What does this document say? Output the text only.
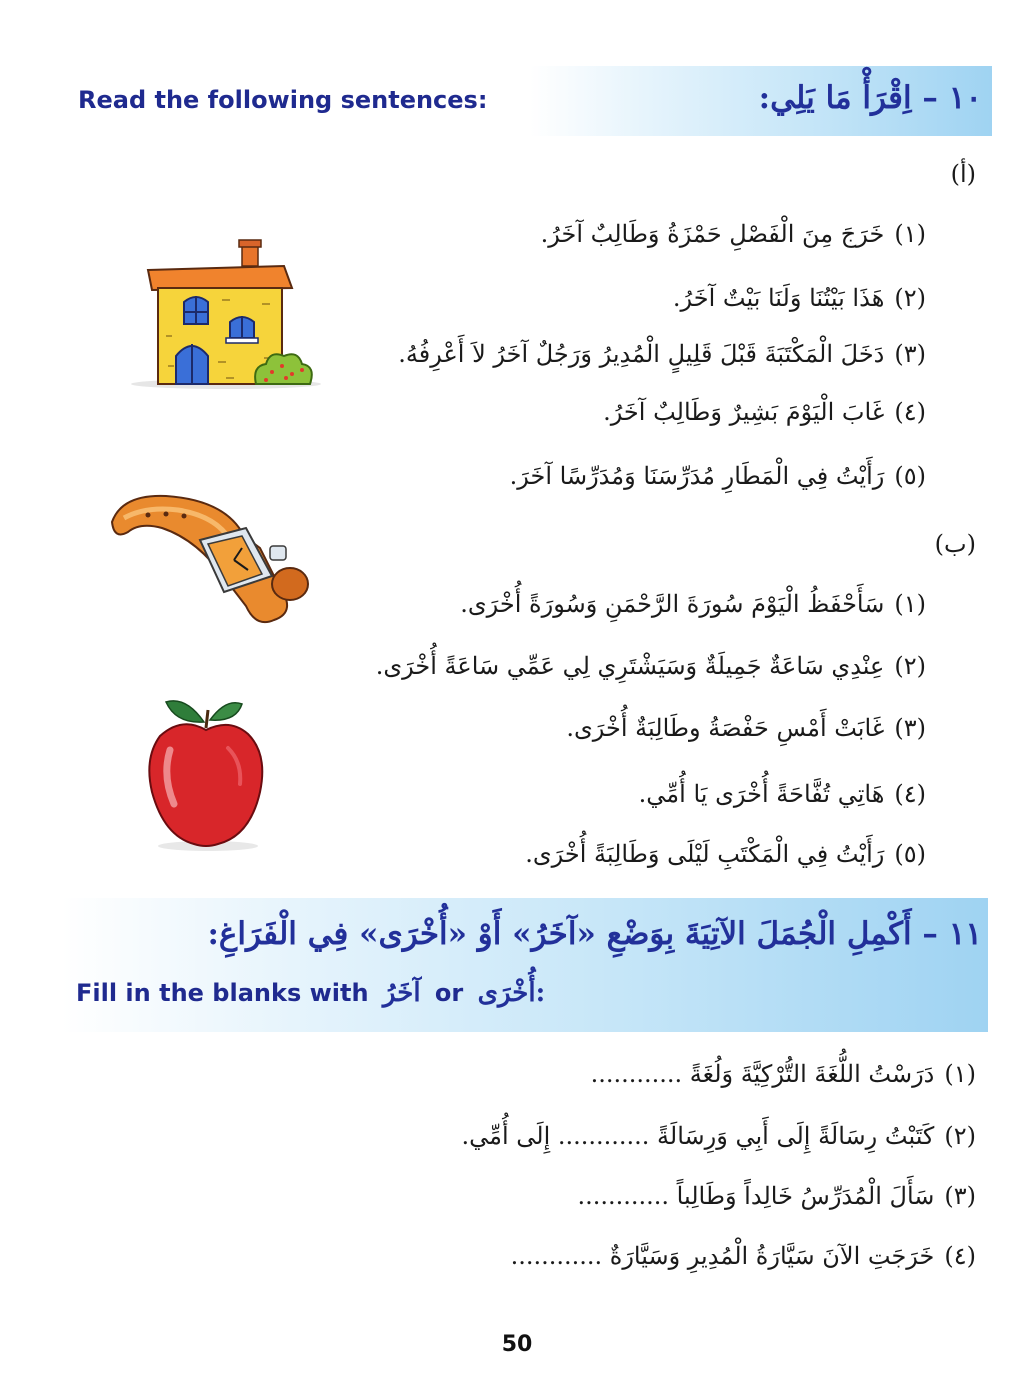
Read the following sentences:	١٠ – اِقْرَأْ مَا يَلِي:
(أ)
(١)خَرَجَ مِنَ الْفَصْلِ حَمْزَةُ وَطَالِبٌ آخَرُ.
(٢)هَذَا بَيْتُنَا وَلَنَا بَيْتٌ آخَرُ.
(٣)دَخَلَ الْمَكْتَبَةَ قَبْلَ قَلِيلٍ الْمُدِيرُ وَرَجُلٌ آخَرُ لاَ أَعْرِفُهُ.
(٤)غَابَ الْيَوْمَ بَشِيرٌ وَطَالِبٌ آخَرُ.
(٥)رَأَيْتُ فِي الْمَطَارِ مُدَرِّسَنَا وَمُدَرِّسًا آخَرَ.
(ب)
(١)سَأَحْفَظُ الْيَوْمَ سُورَةَ الرَّحْمَنِ وَسُورَةً أُخْرَى.
(٢)عِنْدِي سَاعَةٌ جَمِيلَةٌ وَسَيَشْتَرِي لِي عَمِّي سَاعَةً أُخْرَى.
(٣)غَابَتْ أَمْسِ حَفْصَةُ وطَالِبَةٌ أُخْرَى.
(٤)هَاتِي تُفَّاحَةً أُخْرَى يَا أُمِّي.
(٥)رَأَيْتُ فِي الْمَكْتَبِ لَيْلَى وَطَالِبَةً أُخْرَى.
١١ – أَكْمِلِ الْجُمَلَ الآتِيَةَ بِوَضْعِ «آخَرُ» أَوْ «أُخْرَى» فِي الْفَرَاغِ:
Fill in the blanks with آخَرُ or أُخْرَى:
(١)دَرَسْتُ اللُّغَةَ التُّرْكِيَّةَ وَلُغَةً ............
(٢)كَتَبْتُ رِسَالَةً إِلَى أَبِي وَرِسَالَةً ............ إِلَى أُمِّي.
(٣)سَأَلَ الْمُدَرِّسُ خَالِداً وَطَالِباً ............
(٤)خَرَجَتِ الآنَ سَيَّارَةُ الْمُدِيرِ وَسَيَّارَةٌ ............
50
